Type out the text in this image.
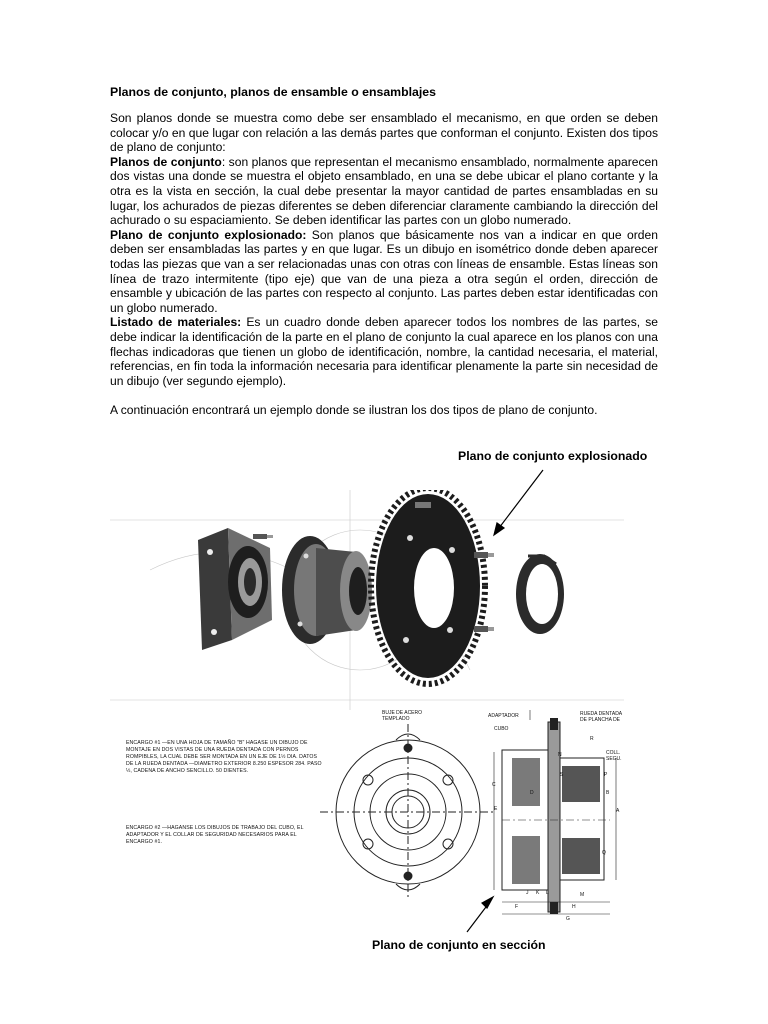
Planos de conjunto, planos de ensamble o ensamblajes

Son planos donde se muestra como debe ser ensamblado el mecanismo, en que orden se deben colocar y/o en que lugar con relación a las demás partes que conforman el conjunto. Existen dos tipos de plano de conjunto:

Planos de conjunto: son planos que representan el mecanismo ensamblado, normalmente aparecen dos vistas una donde se muestra el objeto ensamblado, en una se debe ubicar el plano cortante y la otra es la vista en sección, la cual debe presentar la mayor cantidad de partes ensambladas en su lugar, los achurados de piezas diferentes se deben diferenciar claramente cambiando la dirección del achurado o su espaciamiento. Se deben identificar las partes con un globo numerado.

Plano de conjunto explosionado: Son planos que básicamente nos van a indicar en que orden deben ser ensambladas las partes y en que lugar. Es un dibujo en isométrico donde deben aparecer todas las piezas que van a ser relacionadas unas con otras con líneas de ensamble. Estas líneas son línea de trazo intermitente (tipo eje) que van de una pieza a otra según el orden, dirección de ensamble y ubicación de las partes con respecto al conjunto. Las partes deben estar identificadas con un globo numerado.

Listado de materiales: Es un cuadro donde deben aparecer todos los nombres de las partes, se debe indicar la identificación de la parte en el plano de conjunto la cual aparece en los planos con una flechas indicadoras que tienen un globo de identificación, nombre, la cantidad necesaria, el material, referencias, en fin toda la información necesaria para identificar plenamente la parte sin necesidad de un dibujo (ver segundo ejemplo).

A continuación encontrará un ejemplo donde se ilustran los dos tipos de plano de conjunto.

Plano de conjunto explosionado
ENCARGO #1 —EN UNA HOJA DE TAMAÑO "B" HAGASE UN DIBUJO DE MONTAJE EN DOS VISTAS DE UNA RUEDA DENTADA CON PERNOS ROMPIBLES, LA CUAL DEBE SER MONTADA EN UN EJE DE 1½ DIA. DATOS DE LA RUEDA DENTADA —DIAMETRO EXTERIOR 8.250 ESPESOR 284. PASO ½, CADENA DE ANCHO SENCILLO. 50 DIENTES.
ENCARGO #2 —HAGANSE LOS DIBUJOS DE TRABAJO DEL CUBO, EL ADAPTADOR Y EL COLLAR DE SEGURIDAD NECESARIOS PARA EL ENCARGO #1.
BUJE DE ACERO TEMPLADO	ADAPTADOR
CUBO
RUEDA DENTADA DE PLANCHA DE
COLL. SEGU.
C
D
N
B
A
E
F
J K L	M
H
G
P
Q
R
S
Plano de conjunto en sección
